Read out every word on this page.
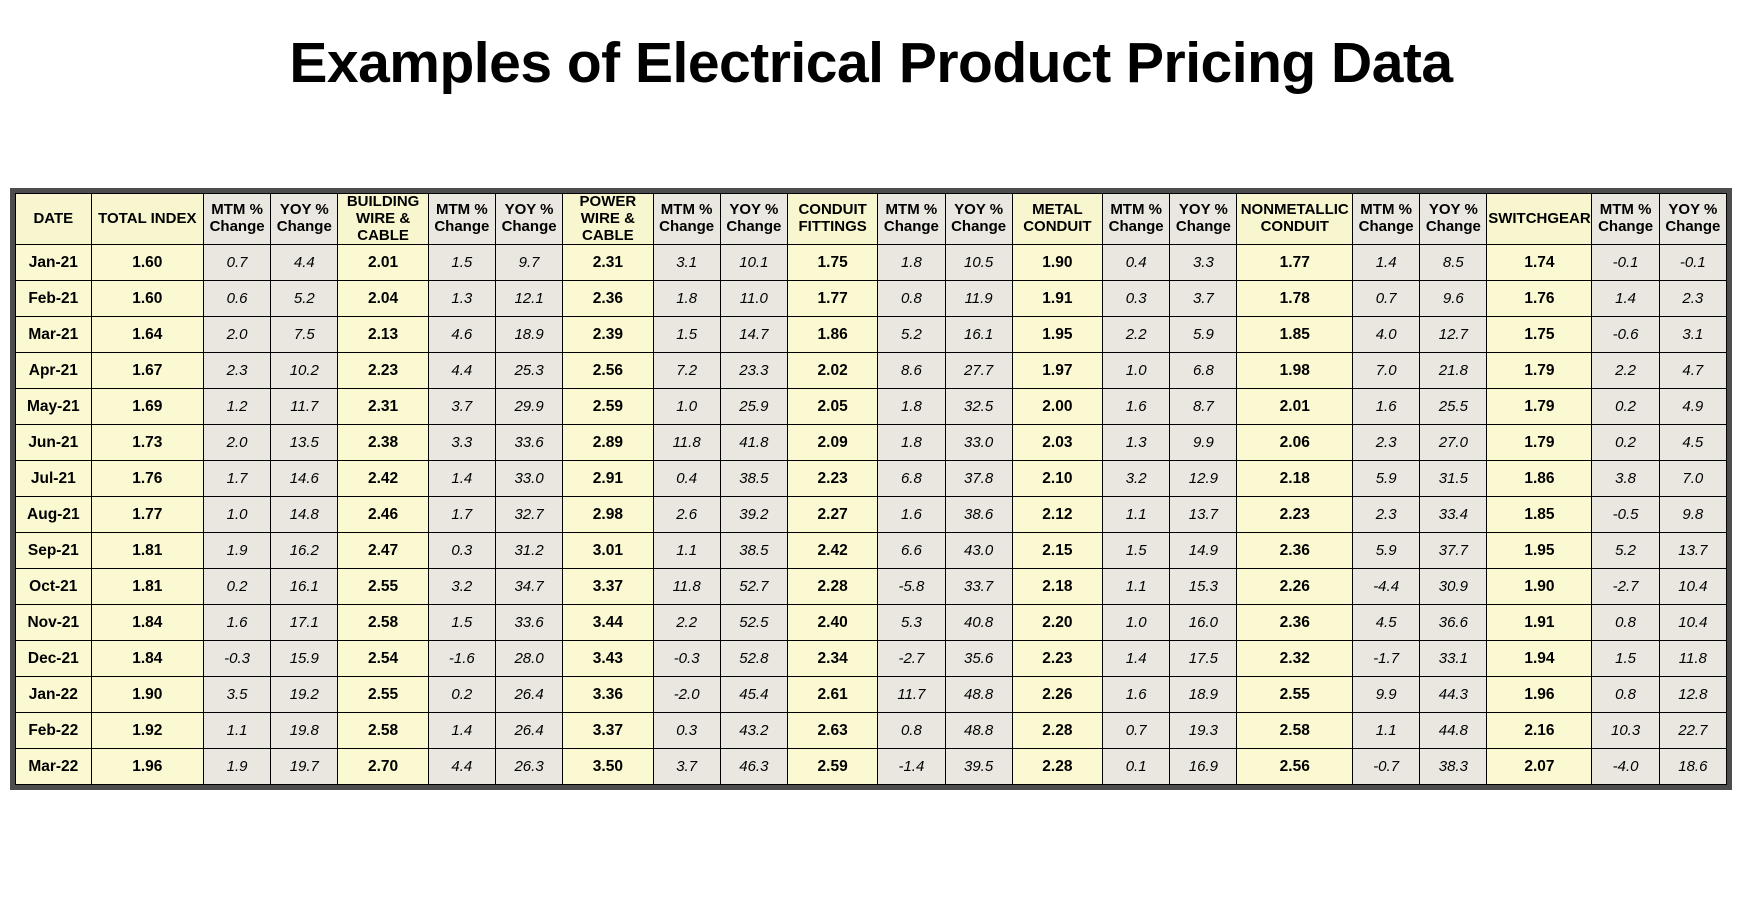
Examples of Electrical Product Pricing Data
DATE	TOTAL INDEX	MTM % Change	YOY % Change	BUILDING WIRE & CABLE	MTM % Change	YOY % Change	POWER WIRE & CABLE	MTM % Change	YOY % Change	CONDUIT FITTINGS	MTM % Change	YOY % Change	METAL CONDUIT	MTM % Change	YOY % Change	NONMETALLIC CONDUIT	MTM % Change	YOY % Change	SWITCHGEAR	MTM % Change	YOY % Change
Jan-21	1.60	0.7	4.4	2.01	1.5	9.7	2.31	3.1	10.1	1.75	1.8	10.5	1.90	0.4	3.3	1.77	1.4	8.5	1.74	-0.1	-0.1
Feb-21	1.60	0.6	5.2	2.04	1.3	12.1	2.36	1.8	11.0	1.77	0.8	11.9	1.91	0.3	3.7	1.78	0.7	9.6	1.76	1.4	2.3
Mar-21	1.64	2.0	7.5	2.13	4.6	18.9	2.39	1.5	14.7	1.86	5.2	16.1	1.95	2.2	5.9	1.85	4.0	12.7	1.75	-0.6	3.1
Apr-21	1.67	2.3	10.2	2.23	4.4	25.3	2.56	7.2	23.3	2.02	8.6	27.7	1.97	1.0	6.8	1.98	7.0	21.8	1.79	2.2	4.7
May-21	1.69	1.2	11.7	2.31	3.7	29.9	2.59	1.0	25.9	2.05	1.8	32.5	2.00	1.6	8.7	2.01	1.6	25.5	1.79	0.2	4.9
Jun-21	1.73	2.0	13.5	2.38	3.3	33.6	2.89	11.8	41.8	2.09	1.8	33.0	2.03	1.3	9.9	2.06	2.3	27.0	1.79	0.2	4.5
Jul-21	1.76	1.7	14.6	2.42	1.4	33.0	2.91	0.4	38.5	2.23	6.8	37.8	2.10	3.2	12.9	2.18	5.9	31.5	1.86	3.8	7.0
Aug-21	1.77	1.0	14.8	2.46	1.7	32.7	2.98	2.6	39.2	2.27	1.6	38.6	2.12	1.1	13.7	2.23	2.3	33.4	1.85	-0.5	9.8
Sep-21	1.81	1.9	16.2	2.47	0.3	31.2	3.01	1.1	38.5	2.42	6.6	43.0	2.15	1.5	14.9	2.36	5.9	37.7	1.95	5.2	13.7
Oct-21	1.81	0.2	16.1	2.55	3.2	34.7	3.37	11.8	52.7	2.28	-5.8	33.7	2.18	1.1	15.3	2.26	-4.4	30.9	1.90	-2.7	10.4
Nov-21	1.84	1.6	17.1	2.58	1.5	33.6	3.44	2.2	52.5	2.40	5.3	40.8	2.20	1.0	16.0	2.36	4.5	36.6	1.91	0.8	10.4
Dec-21	1.84	-0.3	15.9	2.54	-1.6	28.0	3.43	-0.3	52.8	2.34	-2.7	35.6	2.23	1.4	17.5	2.32	-1.7	33.1	1.94	1.5	11.8
Jan-22	1.90	3.5	19.2	2.55	0.2	26.4	3.36	-2.0	45.4	2.61	11.7	48.8	2.26	1.6	18.9	2.55	9.9	44.3	1.96	0.8	12.8
Feb-22	1.92	1.1	19.8	2.58	1.4	26.4	3.37	0.3	43.2	2.63	0.8	48.8	2.28	0.7	19.3	2.58	1.1	44.8	2.16	10.3	22.7
Mar-22	1.96	1.9	19.7	2.70	4.4	26.3	3.50	3.7	46.3	2.59	-1.4	39.5	2.28	0.1	16.9	2.56	-0.7	38.3	2.07	-4.0	18.6
